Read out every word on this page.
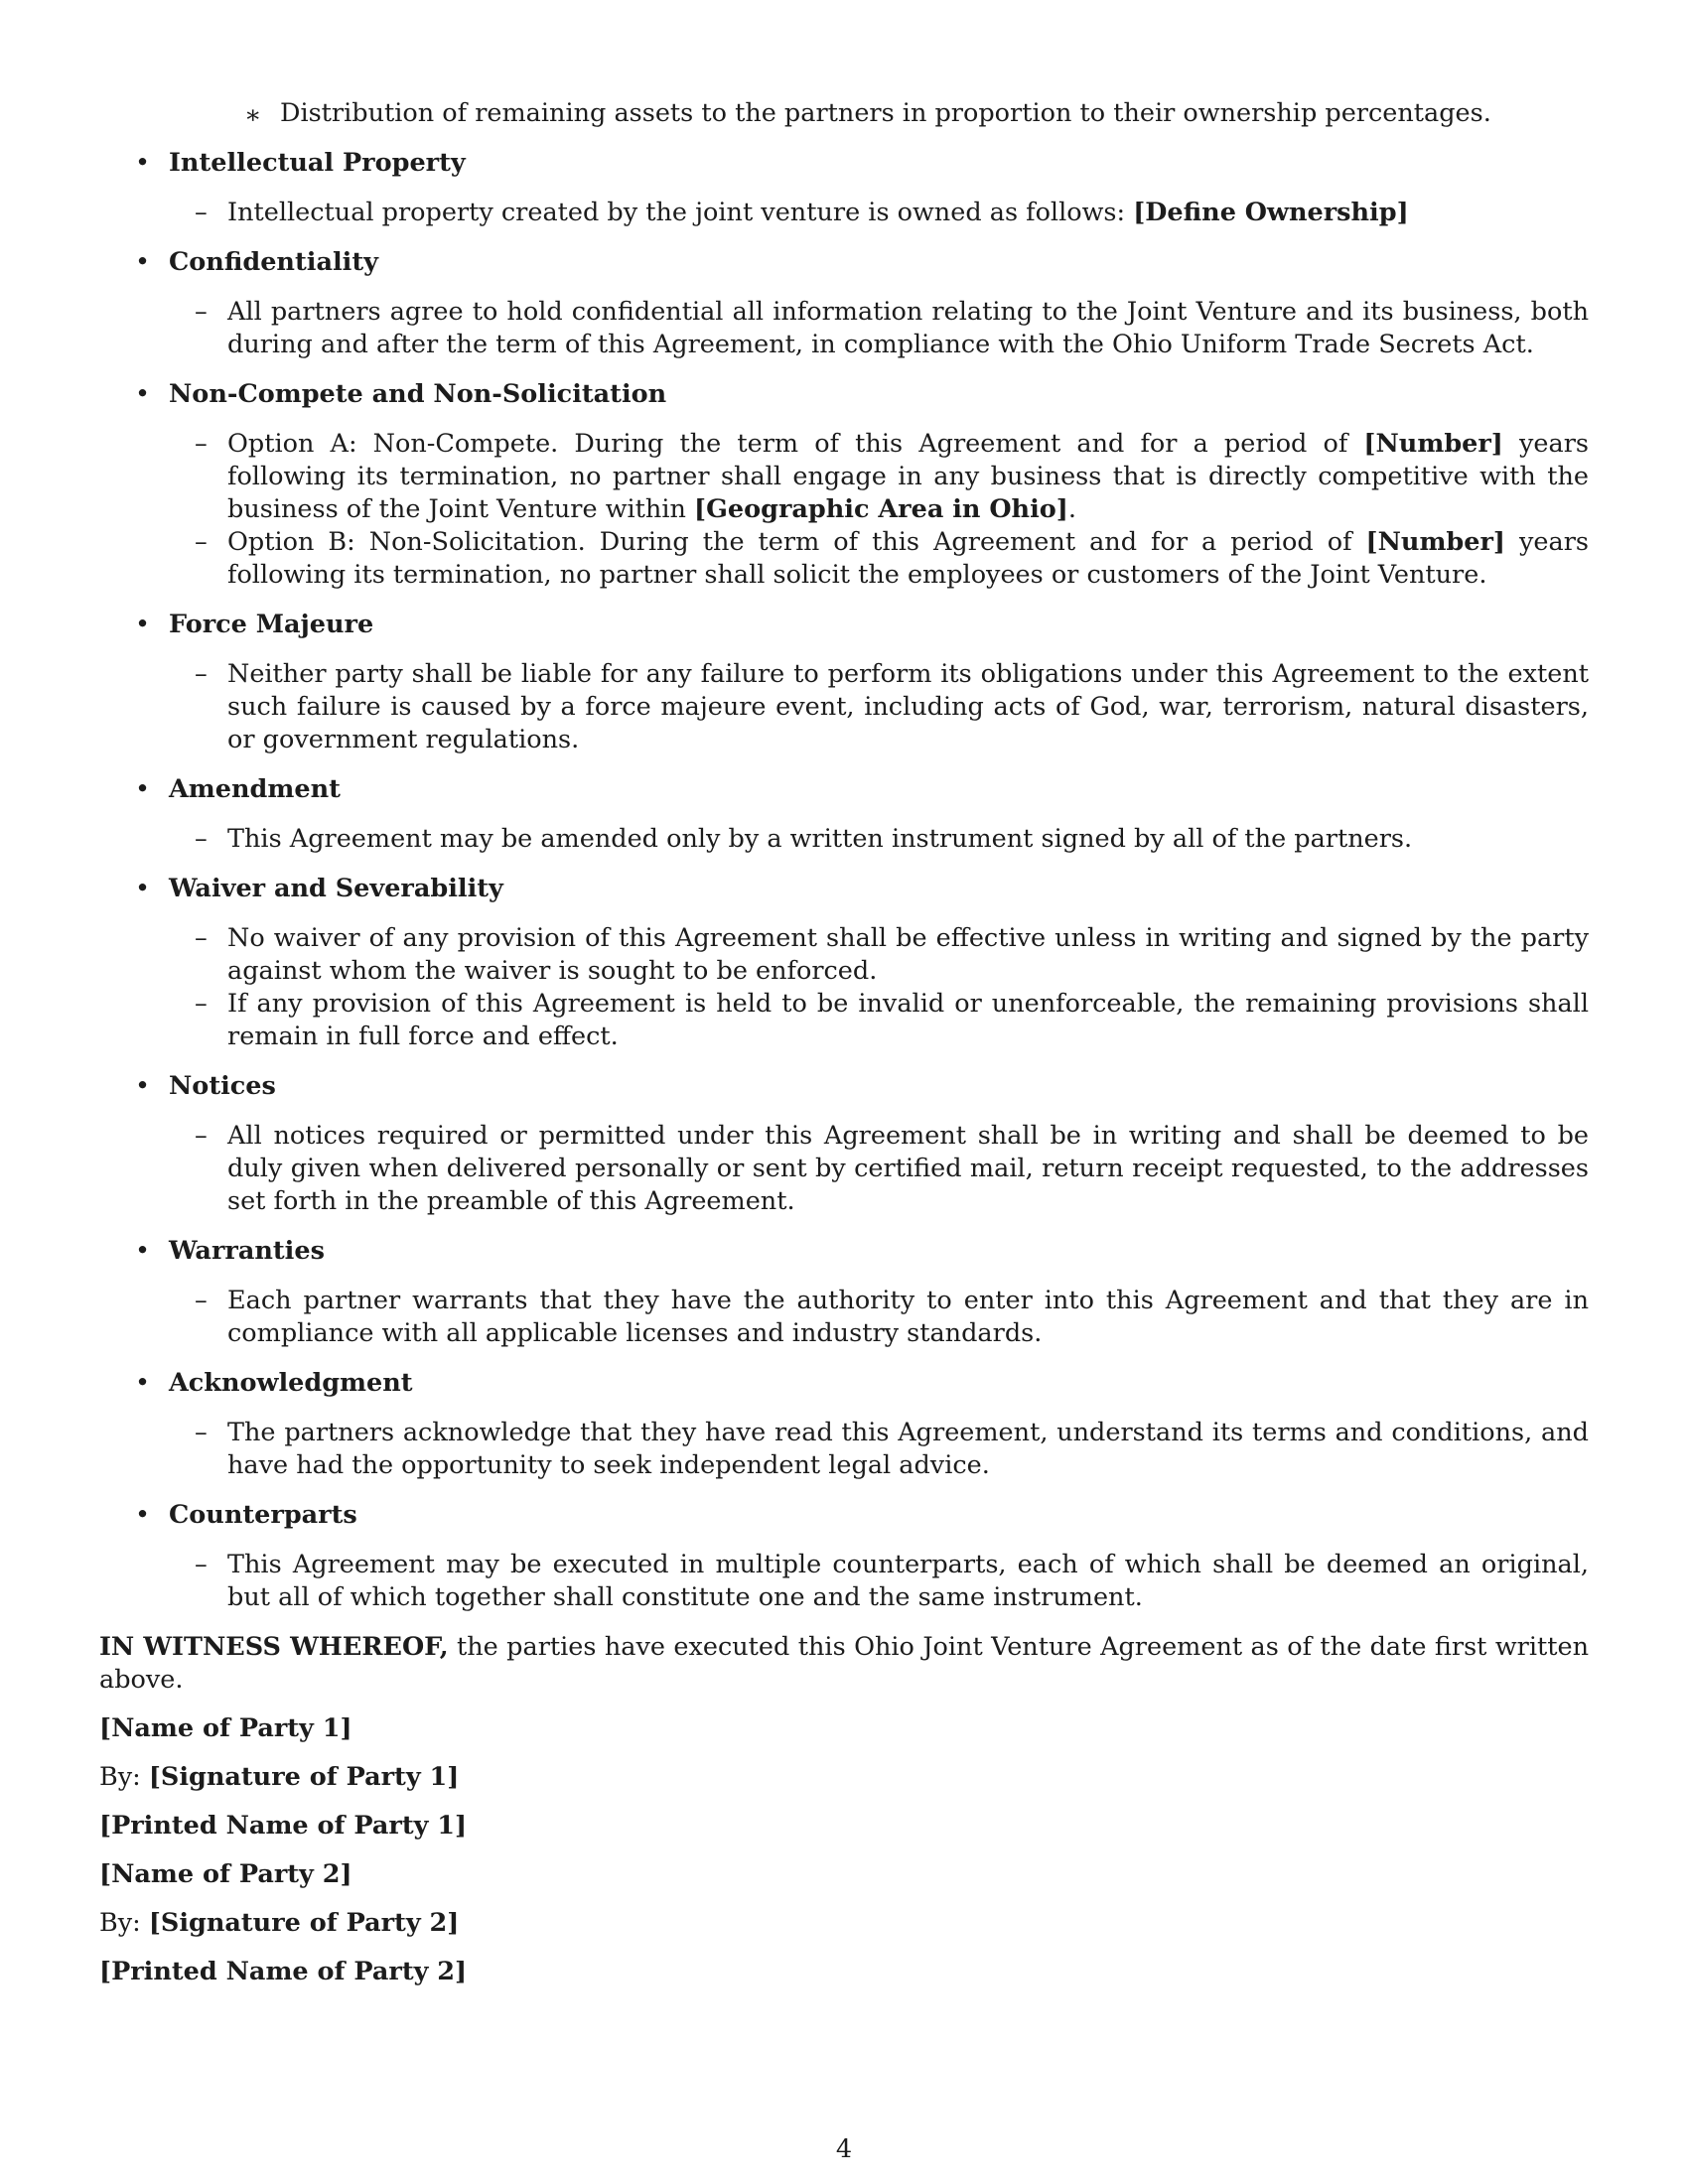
∗ Distribution of remaining assets to the partners in proportion to their ownership percentages.
• Intellectual Property
– Intellectual property created by the joint venture is owned as follows: [Define Ownership]
• Confidentiality
– All partners agree to hold confidential all information relating to the Joint Venture and its business, both during and after the term of this Agreement, in compliance with the Ohio Uniform Trade Secrets Act.
• Non-Compete and Non-Solicitation
– Option A: Non-Compete. During the term of this Agreement and for a period of [Number] years following its termination, no partner shall engage in any business that is directly competitive with the business of the Joint Venture within [Geographic Area in Ohio].
– Option B: Non-Solicitation. During the term of this Agreement and for a period of [Number] years following its termination, no partner shall solicit the employees or customers of the Joint Venture.
• Force Majeure
– Neither party shall be liable for any failure to perform its obligations under this Agreement to the extent such failure is caused by a force majeure event, including acts of God, war, terrorism, natural disasters, or government regulations.
• Amendment
– This Agreement may be amended only by a written instrument signed by all of the partners.
• Waiver and Severability
– No waiver of any provision of this Agreement shall be effective unless in writing and signed by the party against whom the waiver is sought to be enforced.
– If any provision of this Agreement is held to be invalid or unenforceable, the remaining provisions shall remain in full force and effect.
• Notices
– All notices required or permitted under this Agreement shall be in writing and shall be deemed to be duly given when delivered personally or sent by certified mail, return receipt requested, to the addresses set forth in the preamble of this Agreement.
• Warranties
– Each partner warrants that they have the authority to enter into this Agreement and that they are in compliance with all applicable licenses and industry standards.
• Acknowledgment
– The partners acknowledge that they have read this Agreement, understand its terms and conditions, and have had the opportunity to seek independent legal advice.
• Counterparts
– This Agreement may be executed in multiple counterparts, each of which shall be deemed an original, but all of which together shall constitute one and the same instrument.
IN WITNESS WHEREOF, the parties have executed this Ohio Joint Venture Agreement as of the date first written above.
[Name of Party 1]
By: [Signature of Party 1]
[Printed Name of Party 1]
[Name of Party 2]
By: [Signature of Party 2]
[Printed Name of Party 2]
4
